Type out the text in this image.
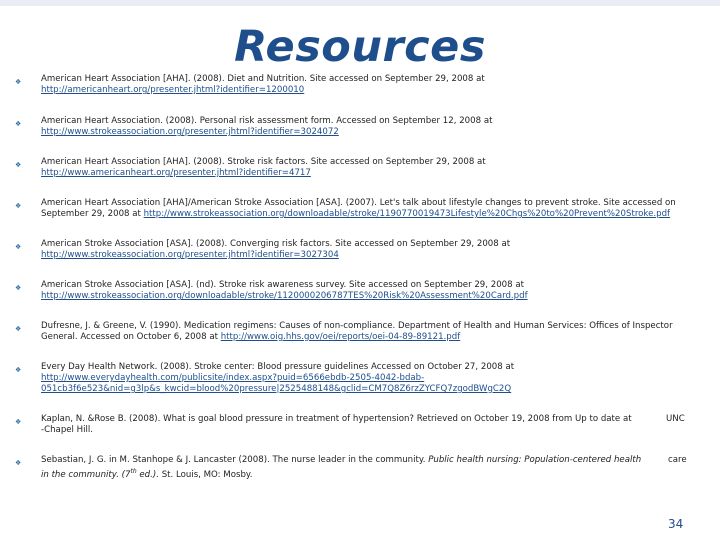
Resources
❖ American Heart Association [AHA]. (2008). Diet and Nutrition. Site accessed on September 29, 2008 at
http://americanheart.org/presenter.jhtml?identifier=1200010
❖ American Heart Association. (2008). Personal risk assessment form. Accessed on September 12, 2008 at
http://www.strokeassociation.org/presenter.jhtml?identifier=3024072
❖ American Heart Association [AHA]. (2008). Stroke risk factors. Site accessed on September 29, 2008 at
http://www.americanheart.org/presenter.jhtml?identifier=4717
❖ American Heart Association [AHA]/American Stroke Association [ASA]. (2007). Let's talk about lifestyle changes to prevent stroke. Site accessed on
September 29, 2008 at http://www.strokeassociation.org/downloadable/stroke/1190770019473Lifestyle%20Chgs%20to%20Prevent%20Stroke.pdf
❖ American Stroke Association [ASA]. (2008). Converging risk factors. Site accessed on September 29, 2008 at
http://www.strokeassociation.org/presenter.jhtml?identifier=3027304
❖ American Stroke Association [ASA]. (nd). Stroke risk awareness survey. Site accessed on September 29, 2008 at
http://www.strokeassociation.org/downloadable/stroke/1120000206787TES%20Risk%20Assessment%20Card.pdf
❖ Dufresne, J. & Greene, V. (1990). Medication regimens: Causes of non-compliance. Department of Health and Human Services: Offices of Inspector
General. Accessed on October 6, 2008 at http://www.oig.hhs.gov/oei/reports/oei-04-89-89121.pdf
❖ Every Day Health Network. (2008). Stroke center: Blood pressure guidelines Accessed on October 27, 2008 at
http://www.everydayhealth.com/publicsite/index.aspx?puid=6566ebdb-2505-4042-bdab-
051cb3f6e523&nid=g3lp&s_kwcid=blood%20pressure|2525488148&gclid=CM7Q8Z6rzZYCFQ7zgodBWgC2Q
❖ Kaplan, N. &Rose B. (2008). What is goal blood pressure in treatment of hypertension? Retrieved on October 19, 2008 from Up to date at
-Chapel Hill.
UNC
❖ Sebastian, J. G. in M. Stanhope & J. Lancaster (2008). The nurse leader in the community. Public health nursing: Population-centered health
in the community. (7th ed.). St. Louis, MO: Mosby.
care
34
